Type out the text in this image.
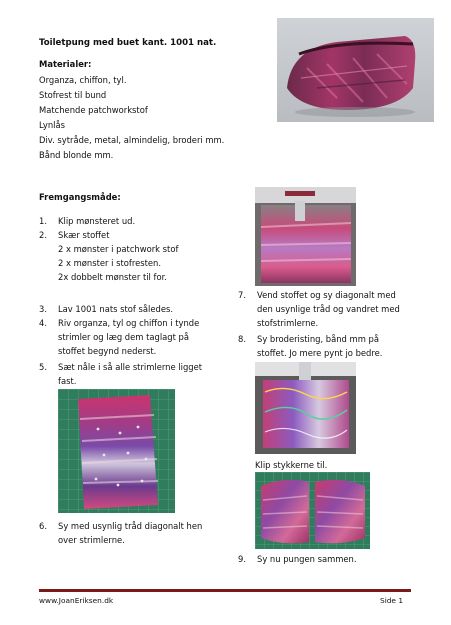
Toiletpung med buet kant. 1001 nat.
Materialer:
Organza, chiffon, tyl.
Stofrest til bund
Matchende patchworkstof
Lynlås
Div. sytråde, metal, almindelig, broderi mm.
Bånd blonde mm.
Fremgangsmåde:
1. Klip mønsteret ud.
2. Skær stoffet
2 x mønster i patchwork stof
2 x mønster i stofresten.
2x dobbelt mønster til for.
3. Lav 1001 nats stof således.
4. Riv organza, tyl og chiffon i tynde
strimler og læg dem taglagt på
stoffet begynd nederst.
5. Sæt nåle i så alle strimlerne ligget
fast.
6. Sy med usynlig tråd diagonalt hen
over strimlerne.
7. Vend stoffet og sy diagonalt med
den usynlige tråd og vandret med
stofstrimlerne.
8. Sy broderisting, bånd mm på
stoffet. Jo mere pynt jo bedre.
Klip stykkerne til.
9. Sy nu pungen sammen.
www.JoanEriksen.dk	Side 1
